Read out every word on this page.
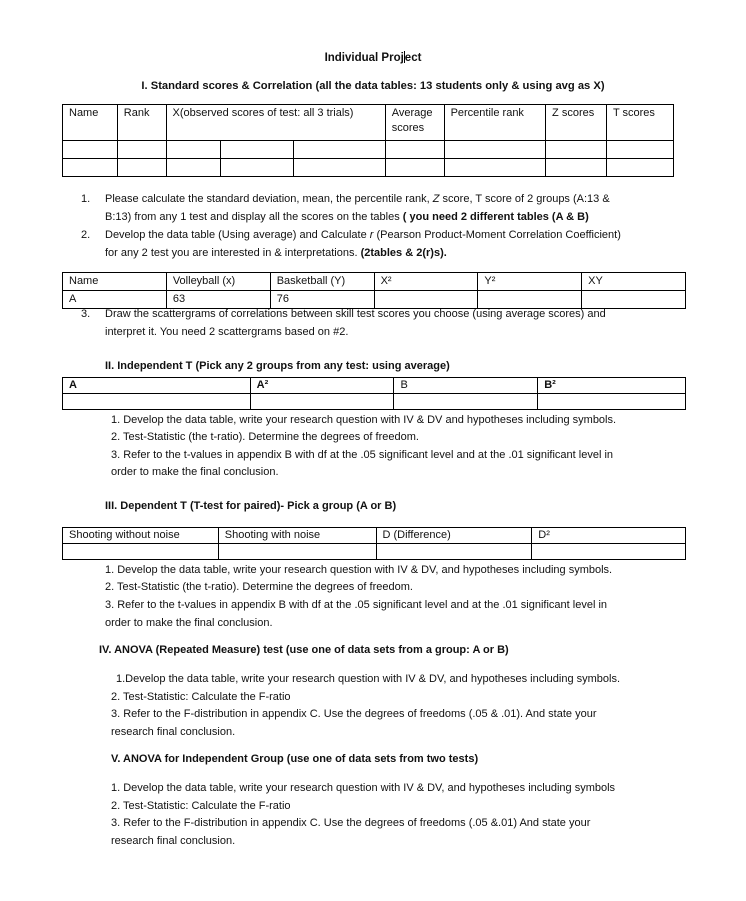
Individual Project
I. Standard scores & Correlation (all the data tables: 13 students only & using avg as X)
Name	Rank	X(observed scores of test: all 3 trials)			Average scores	Percentile rank	Z scores	T scores

1. Please calculate the standard deviation, mean, the percentile rank, Z score, T score of 2 groups (A:13 &
B:13) from any 1 test and display all the scores on the tables ( you need 2 different tables (A & B)
2. Develop the data table (Using average) and Calculate r (Pearson Product-Moment Correlation Coefficient)
for any 2 test you are interested in & interpretations. (2tables & 2(r)s).
Name	Volleyball (x)	Basketball (Y)	X²	Y²	XY
A	63	76			
3. Draw the scattergrams of correlations between skill test scores you choose (using average scores) and
interpret it. You need 2 scattergrams based on #2.
II. Independent T (Pick any 2 groups from any test: using average)
A	A²	B	B²

1. Develop the data table, write your research question with IV & DV and hypotheses including symbols.
2. Test-Statistic (the t-ratio). Determine the degrees of freedom.
3. Refer to the t-values in appendix B with df at the .05 significant level and at the .01 significant level in
order to make the final conclusion.
III. Dependent T (T-test for paired)- Pick a group (A or B)
Shooting without noise	Shooting with noise	D (Difference)	D²

1. Develop the data table, write your research question with IV & DV, and hypotheses including symbols.
2. Test-Statistic (the t-ratio). Determine the degrees of freedom.
3. Refer to the t-values in appendix B with df at the .05 significant level and at the .01 significant level in
order to make the final conclusion.
IV. ANOVA (Repeated Measure) test (use one of data sets from a group: A or B)
1.Develop the data table, write your research question with IV & DV, and hypotheses including symbols.
2. Test-Statistic: Calculate the F-ratio
3. Refer to the F-distribution in appendix C. Use the degrees of freedoms (.05 & .01). And state your
research final conclusion.
V. ANOVA for Independent Group (use one of data sets from two tests)
1. Develop the data table, write your research question with IV & DV, and hypotheses including symbols
2. Test-Statistic: Calculate the F-ratio
3. Refer to the F-distribution in appendix C. Use the degrees of freedoms (.05 &.01) And state your
research final conclusion.
